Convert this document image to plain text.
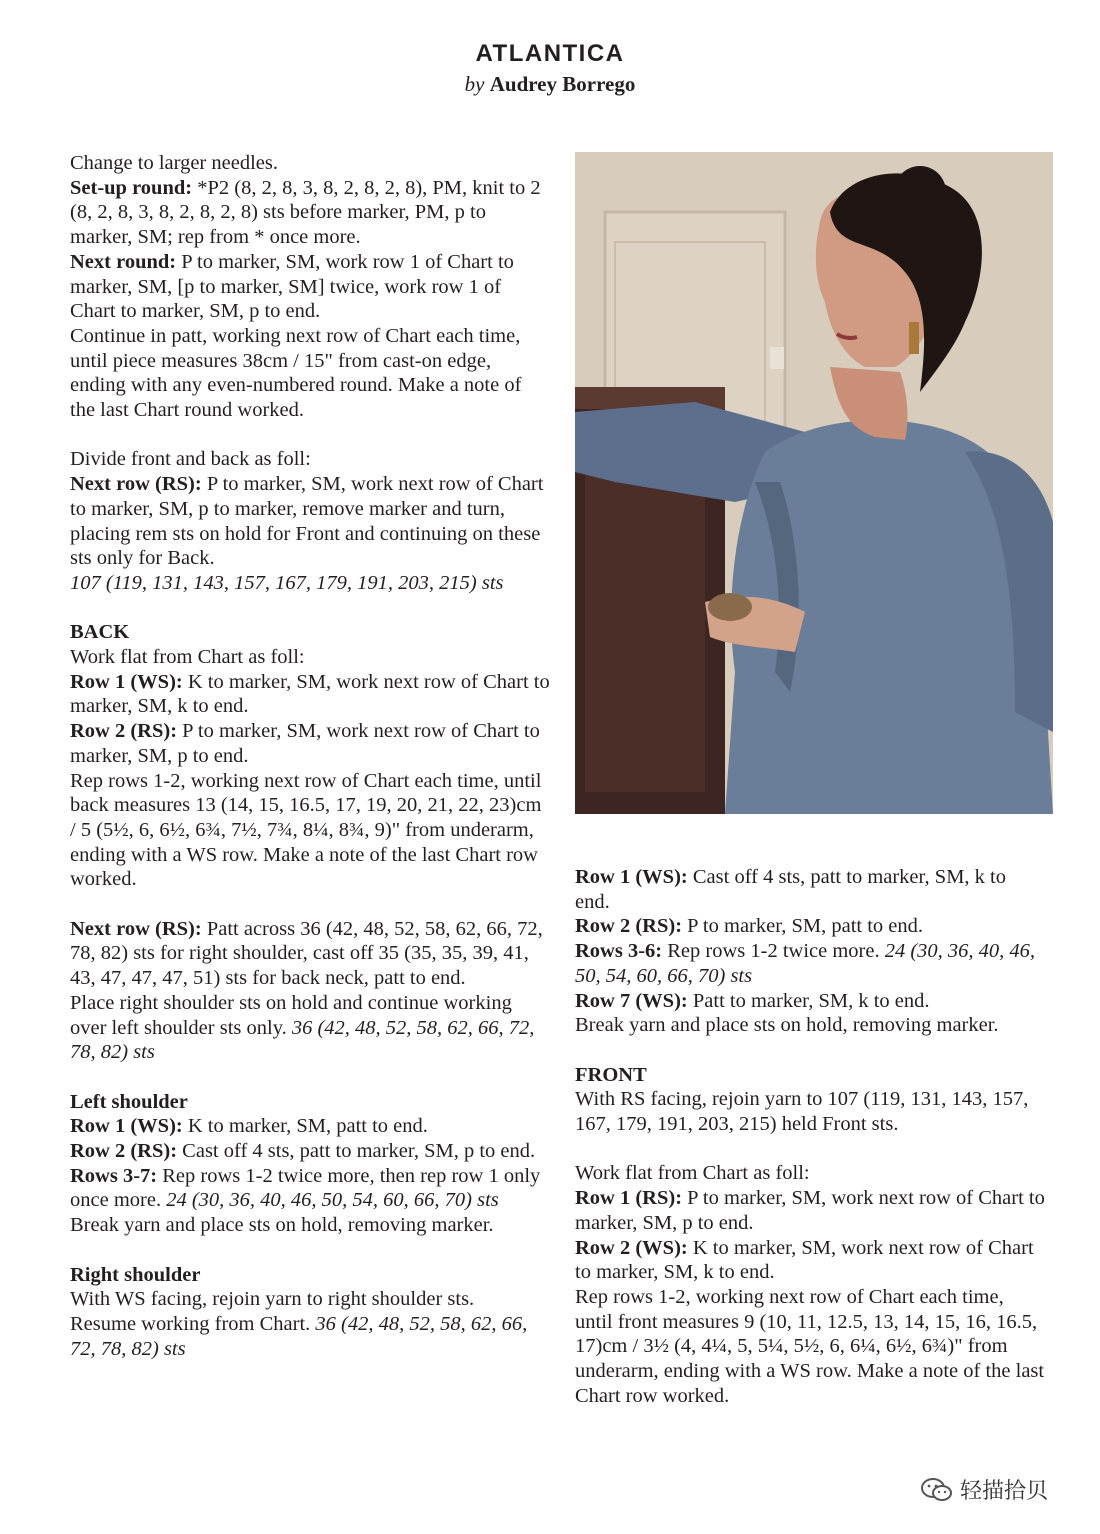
ATLANTICA
by Audrey Borrego

Change to larger needles.

Set-up round: *P2 (8, 2, 8, 3, 8, 2, 8, 2, 8), PM, knit to 2 (8, 2, 8, 3, 8, 2, 8, 2, 8) sts before marker, PM, p to marker, SM; rep from * once more.

Next round: P to marker, SM, work row 1 of Chart to marker, SM, [p to marker, SM] twice, work row 1 of Chart to marker, SM, p to end.

Continue in patt, working next row of Chart each time, until piece measures 38cm / 15" from cast-on edge, ending with any even-numbered round. Make a note of the last Chart round worked.

Divide front and back as foll:

Next row (RS): P to marker, SM, work next row of Chart to marker, SM, p to marker, remove marker and turn, placing rem sts on hold for Front and continuing on these sts only for Back.

107 (119, 131, 143, 157, 167, 179, 191, 203, 215) sts

BACK

Work flat from Chart as foll:

Row 1 (WS): K to marker, SM, work next row of Chart to marker, SM, k to end.

Row 2 (RS): P to marker, SM, work next row of Chart to marker, SM, p to end.

Rep rows 1-2, working next row of Chart each time, until back measures 13 (14, 15, 16.5, 17, 19, 20, 21, 22, 23)cm / 5 (5½, 6, 6½, 6¾, 7½, 7¾, 8¼, 8¾, 9)" from underarm, ending with a WS row. Make a note of the last Chart row worked.

Next row (RS): Patt across 36 (42, 48, 52, 58, 62, 66, 72, 78, 82) sts for right shoulder, cast off 35 (35, 35, 39, 41, 43, 47, 47, 47, 51) sts for back neck, patt to end.

Place right shoulder sts on hold and continue working over left shoulder sts only. 36 (42, 48, 52, 58, 62, 66, 72, 78, 82) sts

Left shoulder

Row 1 (WS): K to marker, SM, patt to end.

Row 2 (RS): Cast off 4 sts, patt to marker, SM, p to end.

Rows 3-7: Rep rows 1-2 twice more, then rep row 1 only once more. 24 (30, 36, 40, 46, 50, 54, 60, 66, 70) sts

Break yarn and place sts on hold, removing marker.

Right shoulder

With WS facing, rejoin yarn to right shoulder sts.

Resume working from Chart. 36 (42, 48, 52, 58, 62, 66, 72, 78, 82) sts

Row 1 (WS): Cast off 4 sts, patt to marker, SM, k to end.

Row 2 (RS): P to marker, SM, patt to end.

Rows 3-6: Rep rows 1-2 twice more. 24 (30, 36, 40, 46, 50, 54, 60, 66, 70) sts

Row 7 (WS): Patt to marker, SM, k to end.

Break yarn and place sts on hold, removing marker.

FRONT

With RS facing, rejoin yarn to 107 (119, 131, 143, 157, 167, 179, 191, 203, 215) held Front sts.

Work flat from Chart as foll:

Row 1 (RS): P to marker, SM, work next row of Chart to marker, SM, p to end.

Row 2 (WS): K to marker, SM, work next row of Chart to marker, SM, k to end.

Rep rows 1-2, working next row of Chart each time, until front measures 9 (10, 11, 12.5, 13, 14, 15, 16, 16.5, 17)cm / 3½ (4, 4¼, 5, 5¼, 5½, 6, 6¼, 6½, 6¾)" from underarm, ending with a WS row. Make a note of the last Chart row worked.

轻描拾贝
